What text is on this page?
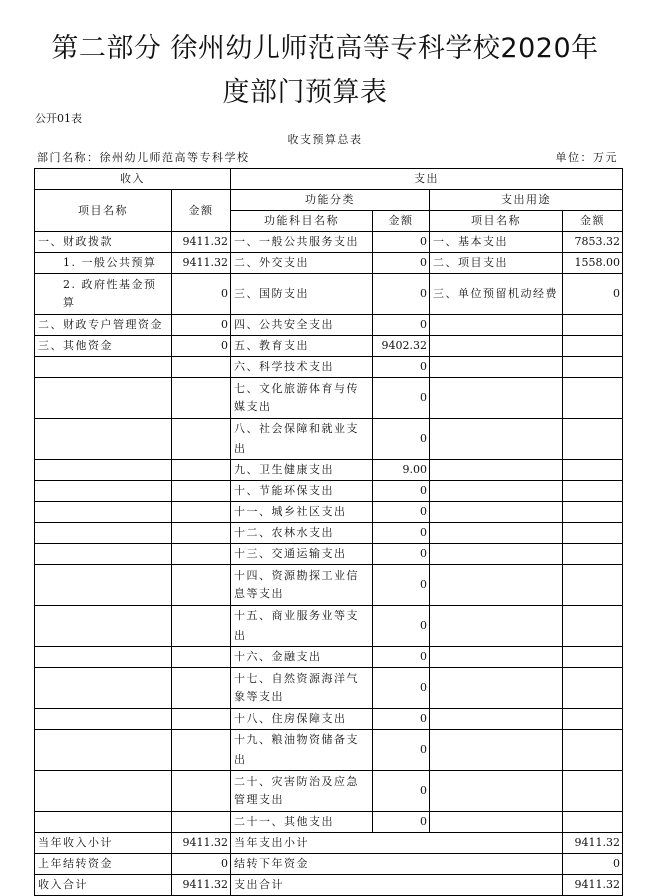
第二部分 徐州幼儿师范高等专科学校2020年
度部门预算表
公开01表
收支预算总表
部门名称：徐州幼儿师范高等专科学校	单位：万元
收入		支出			
项目名称	金额	功能分类		支出用途	
		功能科目名称	金额	项目名称	金额
一、财政拨款	9411.32	一、一般公共服务支出	0	一、基本支出	7853.32
1. 一般公共预算	9411.32	二、外交支出	0	二、项目支出	1558.00
2. 政府性基金预算	0	三、国防支出	0	三、单位预留机动经费	0
二、财政专户管理资金	0	四、公共安全支出	0		
三、其他资金	0	五、教育支出	9402.32		
		六、科学技术支出	0		
		七、文化旅游体育与传媒支出	0		
		八、社会保障和就业支出	0		
		九、卫生健康支出	9.00		
		十、节能环保支出	0		
		十一、城乡社区支出	0		
		十二、农林水支出	0		
		十三、交通运输支出	0		
		十四、资源勘探工业信息等支出	0		
		十五、商业服务业等支出	0		
		十六、金融支出	0		
		十七、自然资源海洋气象等支出	0		
		十八、住房保障支出	0		
		十九、粮油物资储备支出	0		
		二十、灾害防治及应急管理支出	0		
		二十一、其他支出	0		
当年收入小计	9411.32	当年支出小计			9411.32
上年结转资金	0	结转下年资金			0
收入合计	9411.32	支出合计			9411.32
